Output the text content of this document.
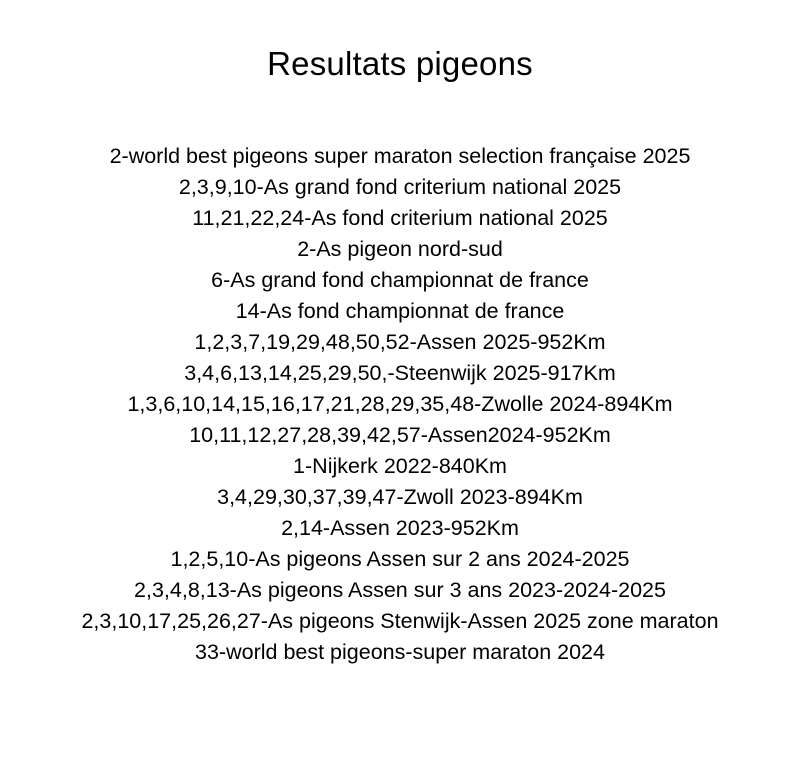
Resultats pigeons
2-world best pigeons super maraton selection française 2025
2,3,9,10-As grand fond criterium national 2025
11,21,22,24-As fond criterium national 2025
2-As pigeon nord-sud
6-As grand fond championnat de france
14-As fond championnat de france
1,2,3,7,19,29,48,50,52-Assen 2025-952Km
3,4,6,13,14,25,29,50,-Steenwijk 2025-917Km
1,3,6,10,14,15,16,17,21,28,29,35,48-Zwolle 2024-894Km
10,11,12,27,28,39,42,57-Assen2024-952Km
1-Nijkerk 2022-840Km
3,4,29,30,37,39,47-Zwoll 2023-894Km
2,14-Assen 2023-952Km
1,2,5,10-As pigeons Assen sur 2 ans 2024-2025
2,3,4,8,13-As pigeons Assen sur 3 ans 2023-2024-2025
2,3,10,17,25,26,27-As pigeons Stenwijk-Assen 2025 zone maraton
33-world best pigeons-super maraton 2024
